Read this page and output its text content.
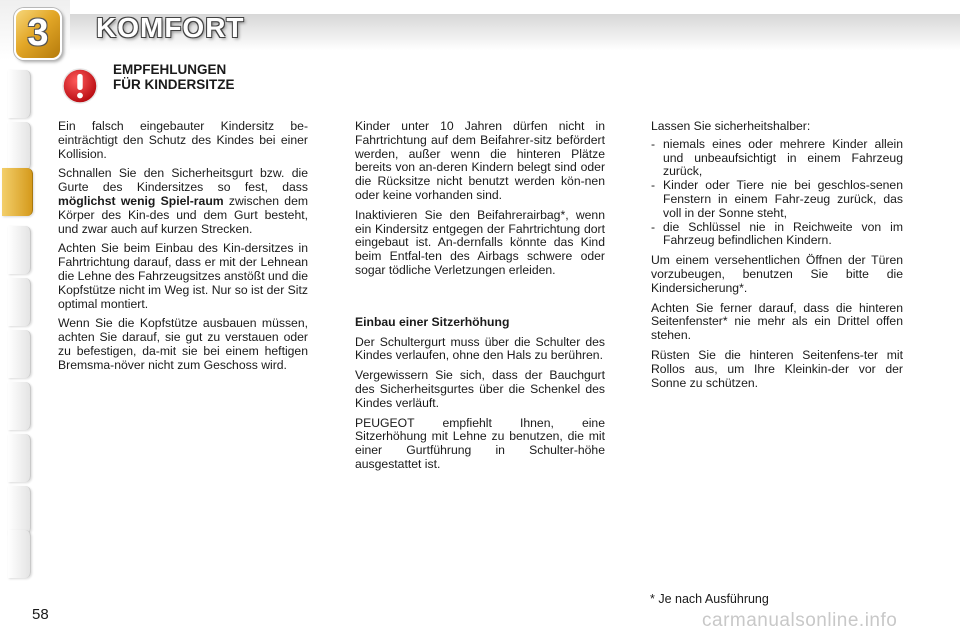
3	KOMFORT
EMPFEHLUNGEN
FÜR KINDERSITZE

Ein falsch eingebauter Kindersitz be-einträchtigt den Schutz des Kindes bei einer Kollision.

Schnallen Sie den Sicherheitsgurt bzw. die Gurte des Kindersitzes so fest, dass möglichst wenig Spiel-raum zwischen dem Körper des Kin-des und dem Gurt besteht, und zwar auch auf kurzen Strecken.

Achten Sie beim Einbau des Kin-dersitzes in Fahrtrichtung darauf, dass er mit der Lehnean die Lehne des Fahrzeugsitzes anstößt und die Kopfstütze nicht im Weg ist. Nur so ist der Sitz optimal montiert.

Wenn Sie die Kopfstütze ausbauen müssen, achten Sie darauf, sie gut zu verstauen oder zu befestigen, da-mit sie bei einem heftigen Bremsma-növer nicht zum Geschoss wird.

Kinder unter 10 Jahren dürfen nicht in Fahrtrichtung auf dem Beifahrer-sitz befördert werden, außer wenn die hinteren Plätze bereits von an-deren Kindern belegt sind oder die Rücksitze nicht benutzt werden kön-nen oder keine vorhanden sind.

Inaktivieren Sie den Beifahrerairbag*, wenn ein Kindersitz entgegen der Fahrtrichtung dort eingebaut ist. An-dernfalls könnte das Kind beim Entfal-ten des Airbags schwere oder sogar tödliche Verletzungen erleiden.

Einbau einer Sitzerhöhung

Der Schultergurt muss über die Schulter des Kindes verlaufen, ohne den Hals zu berühren.

Vergewissern Sie sich, dass der Bauchgurt des Sicherheitsgurtes über die Schenkel des Kindes verläuft.

PEUGEOT empfiehlt Ihnen, eine Sitzerhöhung mit Lehne zu benutzen, die mit einer Gurtführung in Schulter-höhe ausgestattet ist.

Lassen Sie sicherheitshalber:

- niemals eines oder mehrere Kinder allein und unbeaufsichtigt in einem Fahrzeug zurück,

- Kinder oder Tiere nie bei geschlos-senen Fenstern in einem Fahr-zeug zurück, das voll in der Sonne steht,

- die Schlüssel nie in Reichweite von im Fahrzeug befindlichen Kindern.

Um einem versehentlichen Öffnen der Türen vorzubeugen, benutzen Sie bitte die Kindersicherung*.

Achten Sie ferner darauf, dass die hinteren Seitenfenster* nie mehr als ein Drittel offen stehen.

Rüsten Sie die hinteren Seitenfens-ter mit Rollos aus, um Ihre Kleinkin-der vor der Sonne zu schützen.

* Je nach Ausführung
58	carmanualsonline.info
